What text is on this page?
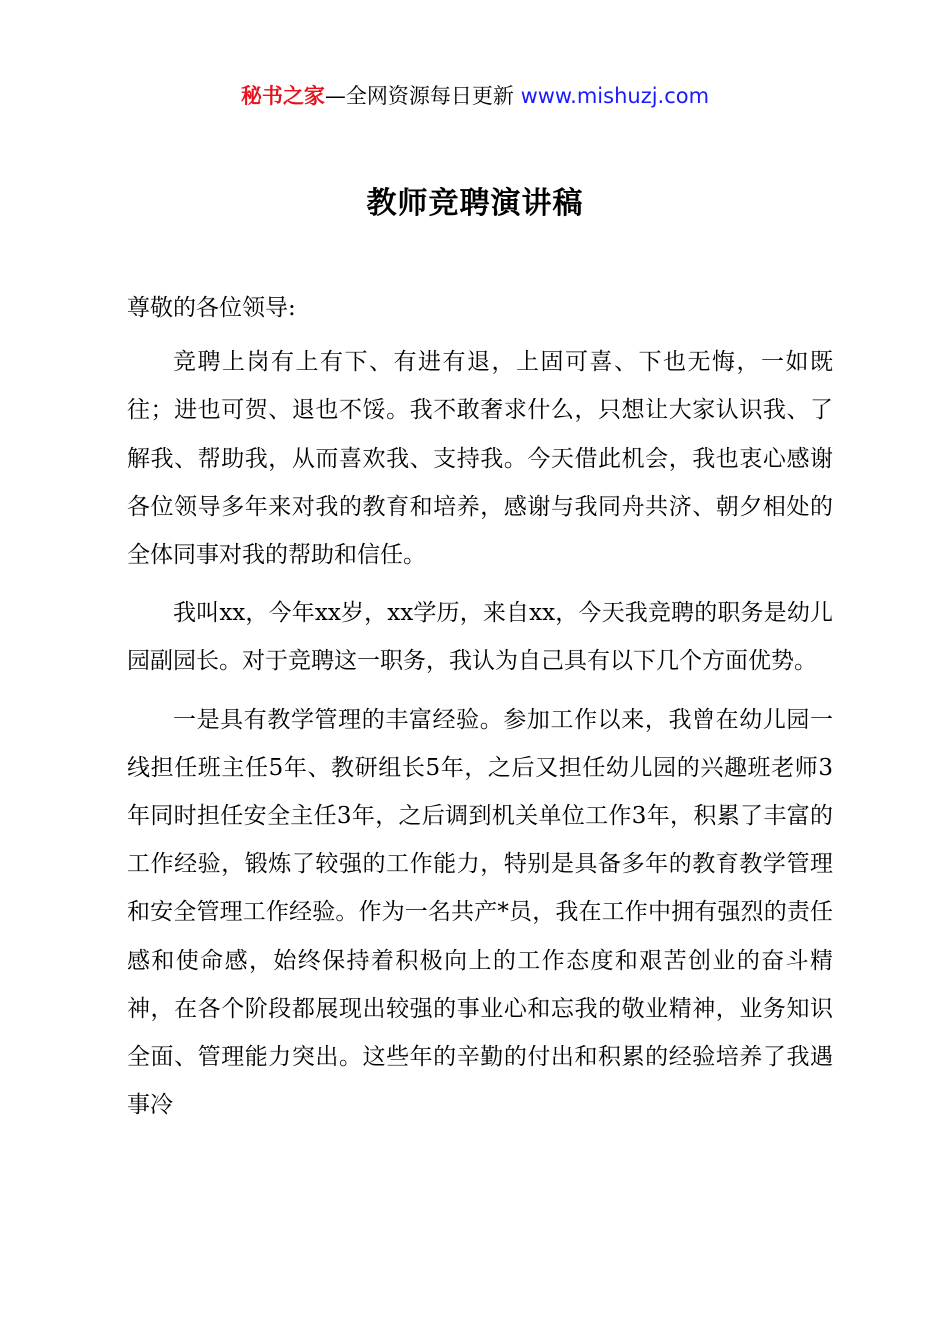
秘书之家—全网资源每日更新 www.mishuzj.com
教师竞聘演讲稿

尊敬的各位领导:

竞聘上岗有上有下、有进有退，上固可喜、下也无悔，一如既往；进也可贺、退也不馁。我不敢奢求什么，只想让大家认识我、了解我、帮助我，从而喜欢我、支持我。今天借此机会，我也衷心感谢各位领导多年来对我的教育和培养，感谢与我同舟共济、朝夕相处的全体同事对我的帮助和信任。

我叫xx，今年xx岁，xx学历，来自xx，今天我竞聘的职务是幼儿园副园长。对于竞聘这一职务，我认为自己具有以下几个方面优势。

一是具有教学管理的丰富经验。参加工作以来，我曾在幼儿园一线担任班主任5年、教研组长5年，之后又担任幼儿园的兴趣班老师3年同时担任安全主任3年，之后调到机关单位工作3年，积累了丰富的工作经验，锻炼了较强的工作能力，特别是具备多年的教育教学管理和安全管理工作经验。作为一名共产*员，我在工作中拥有强烈的责任感和使命感，始终保持着积极向上的工作态度和艰苦创业的奋斗精神，在各个阶段都展现出较强的事业心和忘我的敬业精神，业务知识全面、管理能力突出。这些年的辛勤的付出和积累的经验培养了我遇事冷
